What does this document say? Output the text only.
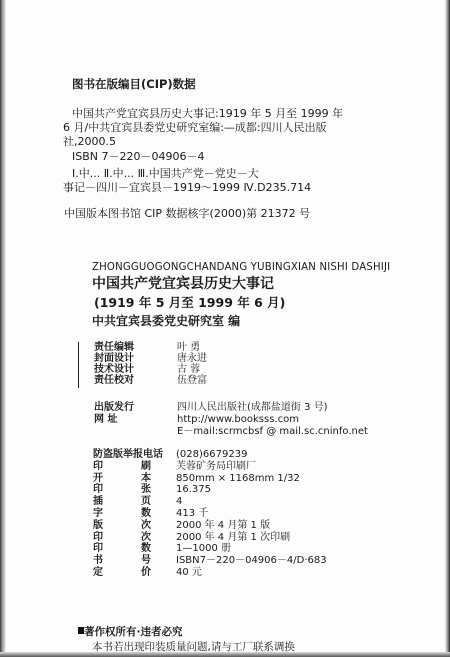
图书在版编目(CIP)数据
中国共产党宜宾县历史大事记:1919 年 5 月至 1999 年
6 月/中共宜宾县委党史研究室编:—成都:四川人民出版
社,2000.5
ISBN 7－220－04906－4
Ⅰ.中... Ⅱ.中... Ⅲ.中国共产党－党史－大
事记－四川－宜宾县－1919～1999 Ⅳ.D235.714
中国版本图书馆 CIP 数据核字(2000)第 21372 号
ZHONGGUOGONGCHANDANG YUBINGXIAN NISHI DASHIJI
中国共产党宜宾县历史大事记
(1919 年 5 月至 1999 年 6 月)
中共宜宾县委党史研究室 编
责任编辑	叶 勇
封面设计	唐永进
技术设计	古 蓉
责任校对	伍登富
出版发行	四川人民出版社(成都盐道街 3 号)
网 址	http://www.booksss.com
E－mail:scrmcbsf @ mail.sc.cninfo.net
防盗版举报电话 (028)6679239
印	刷	芙蓉矿务局印刷厂
开	本	850mm × 1168mm 1/32
印	张	16.375
插	页	4
字	数	413 千
版	次	2000 年 4 月第 1 版
印	次	2000 年 4 月第 1 次印刷
印	数	1—1000 册
书	号	ISBN7－220－04906－4/D·683
定	价	40 元
著作权所有·违者必究
本书若出现印装质量问题,请与工厂联系调换
